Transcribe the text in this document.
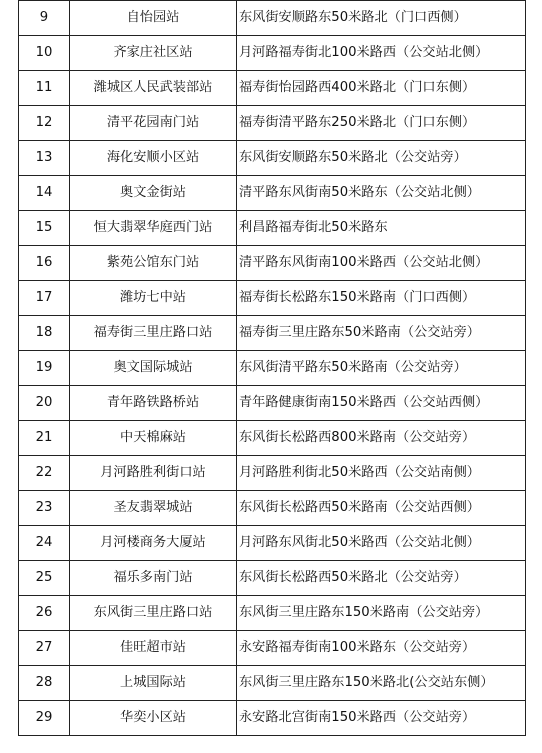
9	自怡园站	东风街安顺路东50米路北（门口西侧）
10	齐家庄社区站	月河路福寿街北100米路西（公交站北侧）
11	潍城区人民武装部站	福寿街怡园路西400米路北（门口东侧）
12	清平花园南门站	福寿街清平路东250米路北（门口东侧）
13	海化安顺小区站	东风街安顺路东50米路北（公交站旁）
14	奥文金街站	清平路东风街南50米路东（公交站北侧）
15	恒大翡翠华庭西门站	利昌路福寿街北50米路东
16	紫苑公馆东门站	清平路东风街南100米路西（公交站北侧）
17	潍坊七中站	福寿街长松路东150米路南（门口西侧）
18	福寿街三里庄路口站	福寿街三里庄路东50米路南（公交站旁）
19	奥文国际城站	东风街清平路东50米路南（公交站旁）
20	青年路铁路桥站	青年路健康街南150米路西（公交站西侧）
21	中天棉麻站	东风街长松路西800米路南（公交站旁）
22	月河路胜利街口站	月河路胜利街北50米路西（公交站南侧）
23	圣友翡翠城站	东风街长松路西50米路南（公交站西侧）
24	月河楼商务大厦站	月河路东风街北50米路西（公交站北侧）
25	福乐多南门站	东风街长松路西50米路北（公交站旁）
26	东风街三里庄路口站	东风街三里庄路东150米路南（公交站旁）
27	佳旺超市站	永安路福寿街南100米路东（公交站旁）
28	上城国际站	东风街三里庄路东150米路北(公交站东侧）
29	华奕小区站	永安路北宫街南150米路西（公交站旁）
